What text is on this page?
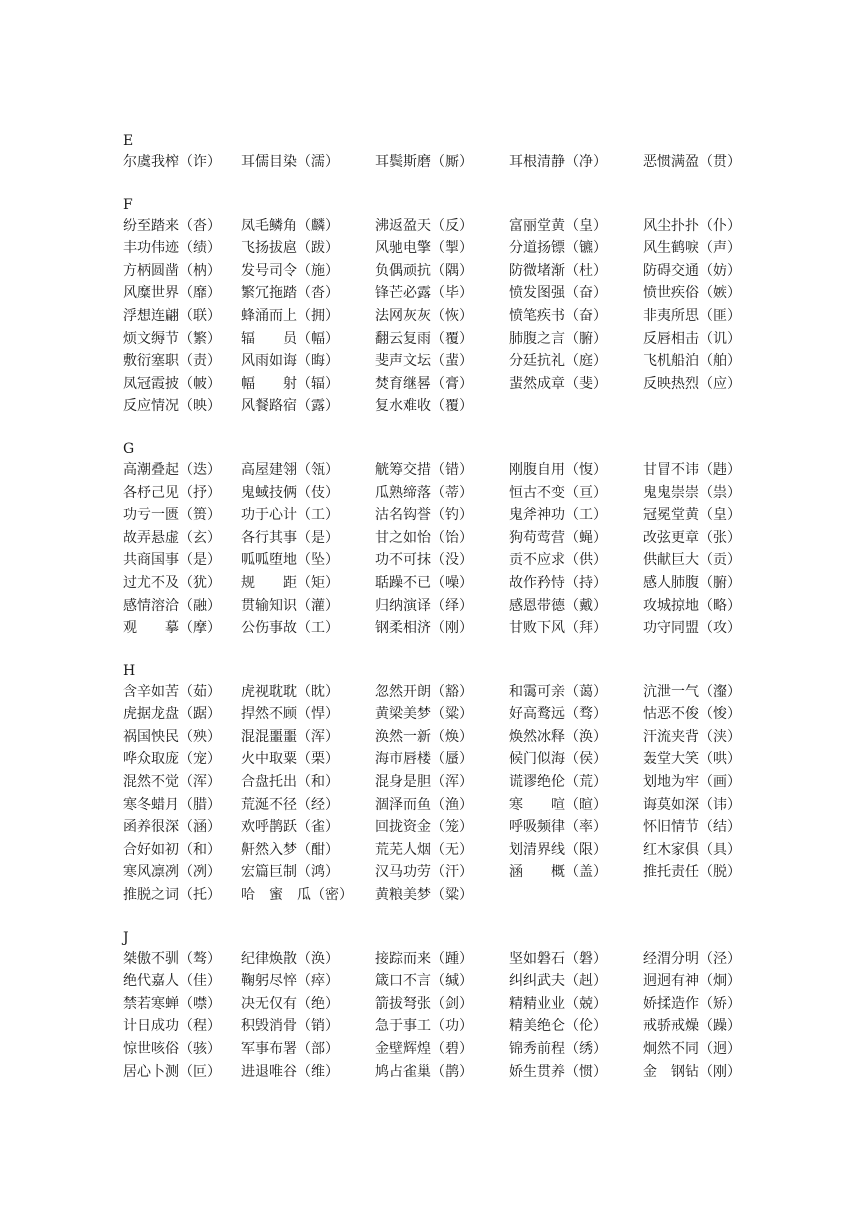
E
尔虞我榨（诈）	耳儒目染（濡）	耳鬓斯磨（厮）	耳根清静（净）	恶惯满盈（贯）
F
纷至踏来（沓）	凤毛鳞角（麟）	沸返盈天（反）	富丽堂黄（皇）	风尘扑扑（仆）
丰功伟迹（绩）	飞扬拔扈（跋）	风驰电擎（掣）	分道扬镖（镳）	风生鹤唳（声）
方柄圆凿（枘）	发号司令（施）	负偶顽抗（隅）	防微堵渐（杜）	防碍交通（妨）
风糜世界（靡）	繁冗拖踏（沓）	锋芒必露（毕）	愤发图强（奋）	愤世疾俗（嫉）
浮想连翩（联）	蜂涌而上（拥）	法网灰灰（恢）	愤笔疾书（奋）	非夷所思（匪）
烦文缛节（繁）	辐　　员（幅）	翻云复雨（覆）	肺腹之言（腑）	反唇相击（讥）
敷衍塞职（责）	风雨如诲（晦）	斐声文坛（蜚）	分廷抗礼（庭）	飞机船泊（舶）
凤冠霞披（帔）	幅　　射（辐）	焚育继晷（膏）	蜚然成章（斐）	反映热烈（应）
反应情况（映）	风餐路宿（露）	复水难收（覆）
G
高潮叠起（迭）	高屋建翎（瓴）	觥筹交措（错）	刚腹自用（愎）	甘冒不讳（韪）
各杼己见（抒）	鬼蜮技俩（伎）	瓜熟缔落（蒂）	恒古不变（亘）	鬼鬼崇崇（祟）
功亏一匮（篑）	功于心计（工）	沽名钩誉（钓）	鬼斧神功（工）	冠冕堂黄（皇）
故弄悬虚（玄）	各行其事（是）	甘之如怡（饴）	狗苟莺营（蝇）	改弦更章（张）
共商国事（是）	呱呱堕地（坠）	功不可抹（没）	贡不应求（供）	供献巨大（贡）
过尤不及（犹）	规　　距（矩）	聒躁不已（噪）	故作矜恃（持）	感人肺腹（腑）
感情溶洽（融）	贯输知识（灌）	归纳演译（绎）	感恩带德（戴）	攻城掠地（略）
观　　摹（摩）	公伤事故（工）	钢柔相济（刚）	甘败下风（拜）	功守同盟（攻）
H
含辛如苦（茹）	虎视耽耽（眈）	忽然开朗（豁）	和霭可亲（蔼）	沆泄一气（瀣）
虎据龙盘（踞）	捍然不顾（悍）	黄梁美梦（粱）	好高鹜远（骛）	怙恶不俊（悛）
祸国怏民（殃）	混混噩噩（浑）	涣然一新（焕）	焕然冰释（涣）	汗流夹背（浃）
哗众取庞（宠）	火中取粟（栗）	海市唇楼（蜃）	候门似海（侯）	轰堂大笑（哄）
混然不觉（浑）	合盘托出（和）	混身是胆（浑）	谎谬绝伦（荒）	划地为牢（画）
寒冬蜡月（腊）	荒涎不径（经）	涸泽而鱼（渔）	寒　　喧（暄）	诲莫如深（讳）
函养很深（涵）	欢呼鹊跃（雀）	回拢资金（笼）	呼吸频律（率）	怀旧情节（结）
合好如初（和）	鼾然入梦（酣）	荒芜人烟（无）	划清界线（限）	红木家俱（具）
寒风凛冽（冽）	宏篇巨制（鸿）	汉马功劳（汗）	涵　　概（盖）	推托责任（脱）
推脱之词（托）	哈　蜜　瓜（密）	黄粮美梦（粱）
J
桀傲不驯（骜）	纪律焕散（涣）	接踪而来（踵）	坚如磐石（磐）	经渭分明（泾）
绝代嘉人（佳）	鞠躬尽悴（瘁）	箴口不言（缄）	纠纠武夫（赳）	迥迥有神（炯）
禁若寒蝉（噤）	决无仅有（绝）	箭拔弩张（剑）	精精业业（兢）	娇揉造作（矫）
计日成功（程）	积毁消骨（销）	急于事工（功）	精美绝仑（伦）	戒骄戒燥（躁）
惊世咳俗（骇）	军事布署（部）	金壁辉煌（碧）	锦秀前程（绣）	炯然不同（迥）
居心卜测（叵）	进退唯谷（维）	鸠占雀巢（鹊）	娇生贯养（惯）	金　钢钻（刚）
